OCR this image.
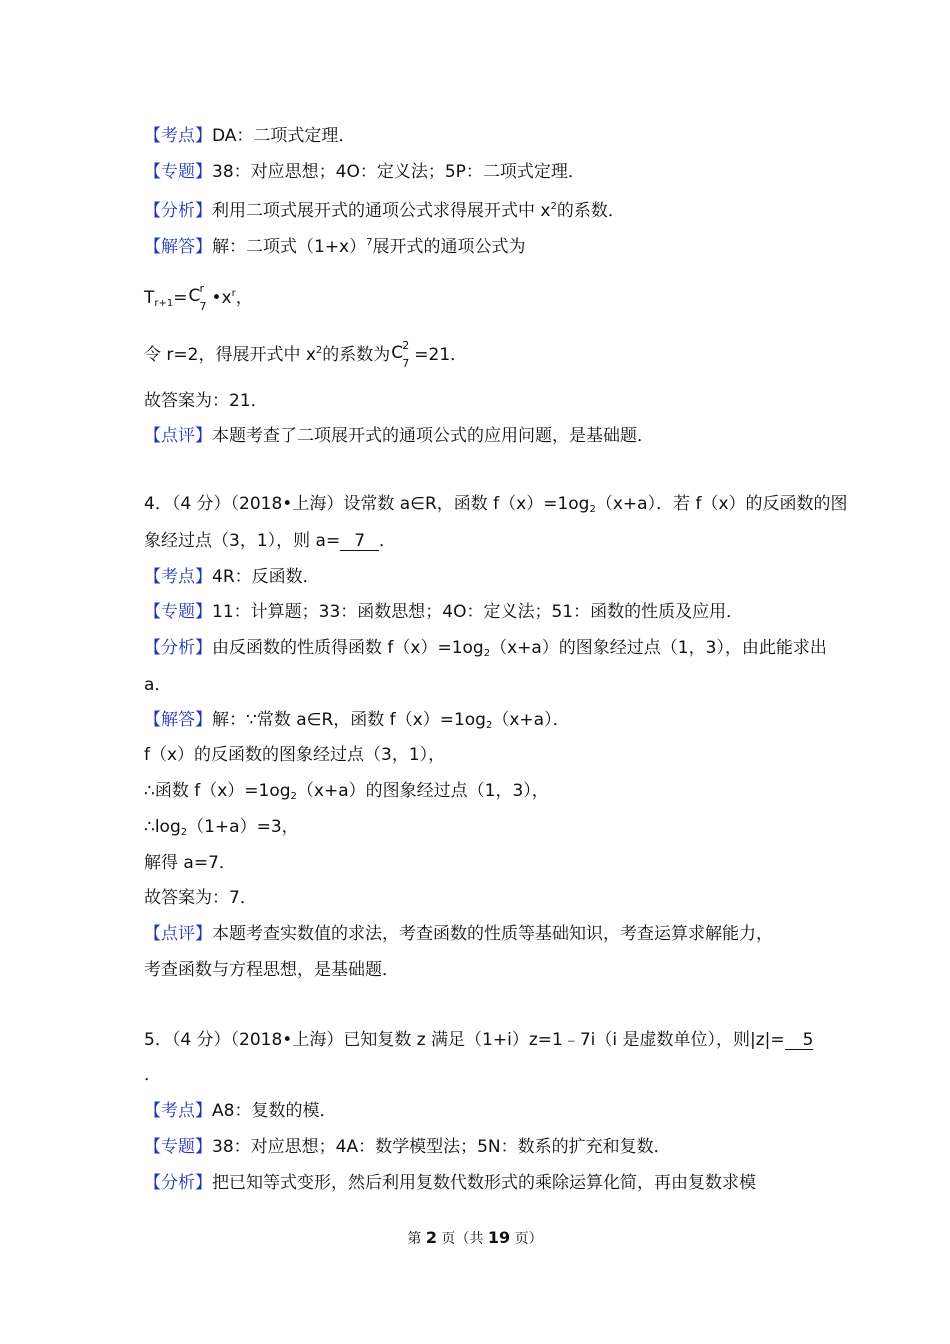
【考点】DA：二项式定理．
【专题】38：对应思想；4O：定义法；5P：二项式定理．
【分析】利用二项式展开式的通项公式求得展开式中 $x^2$的系数．
【解答】解：二项式$(1+x)^7$展开式的通项公式为
$T_{r+1}= C$ r
7 $•x^r$，
令 r=2，得展开式中 $x^2$的系数为 C 2
7 =21．
故答案为：21．
【点评】本题考查了二项展开式的通项公式的应用问题，是基础题．
4．（4 分）（2018•上海）设常数 a∈R，函数 $f(x)=1og_2(x+a)$．若 f（x）的反函数的图
象经过点（3，1），则 a= 7 ．
【考点】4R：反函数．
【专题】11：计算题；33：函数思想；4O：定义法；51：函数的性质及应用．
【分析】由反函数的性质得函数 $f(x)=1og_2(x+a)$的图象经过点（1，3），由此能求出
a．
【解答】解：∵常数 a∈R，函数 $f(x)=1og_2(x+a)$．
f（x）的反函数的图象经过点（3，1），
∴函数 $f(x)=1og_2(x+a)$的图象经过点（1，3），
$\therefore\log_2(1+a)=3$，
解得 a=7．
故答案为：7．
【点评】本题考查实数值的求法，考查函数的性质等基础知识，考查运算求解能力，
考查函数与方程思想，是基础题．
5．（4 分）（2018•上海）已知复数 z 满足（1+i）z=1﹣7i（i 是虚数单位），则|z|= 5
．
【考点】A8：复数的模．
【专题】38：对应思想；4A：数学模型法；5N：数系的扩充和复数．
【分析】把已知等式变形，然后利用复数代数形式的乘除运算化简，再由复数求模
第 2 页（共 19 页）
